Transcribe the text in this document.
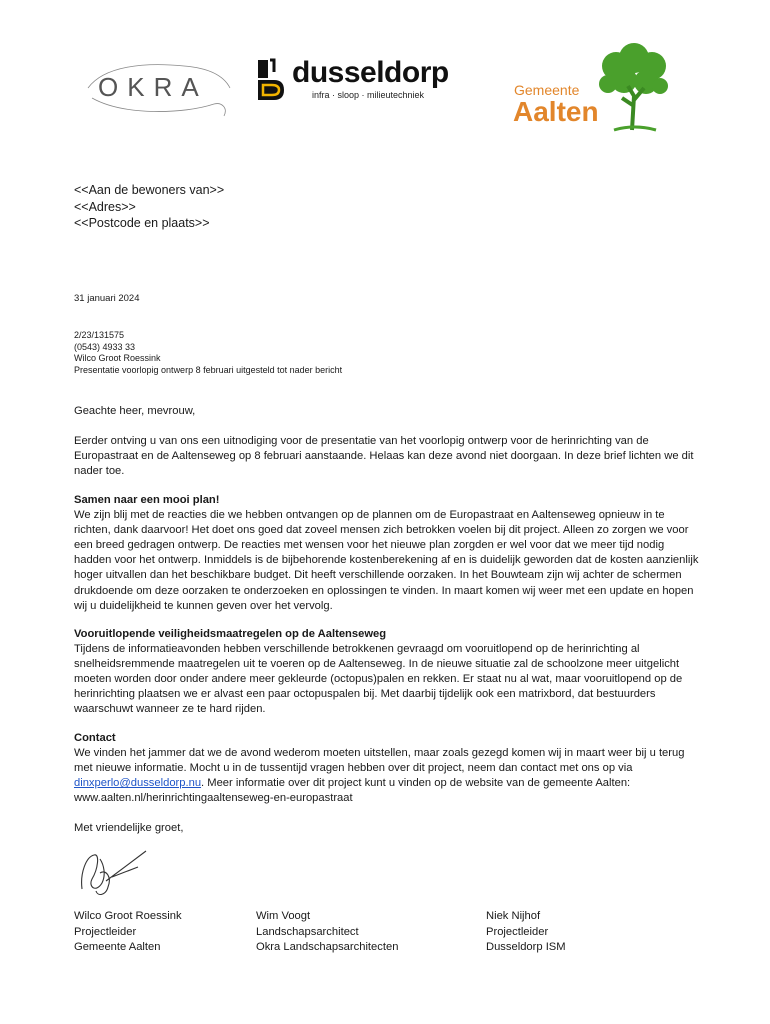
OKRA	dusseldorp
infra · sloop · milieutechniek	Gemeente
Aalten
<<Aan de bewoners van>>
<<Adres>>
<<Postcode en plaats>>
31 januari 2024
2/23/131575
(0543) 4933 33
Wilco Groot Roessink
Presentatie voorlopig ontwerp 8 februari uitgesteld tot nader bericht
Geachte heer, mevrouw,

Eerder ontving u van ons een uitnodiging voor de presentatie van het voorlopig ontwerp voor de herinrichting van de Europastraat en de Aaltenseweg op 8 februari aanstaande. Helaas kan deze avond niet doorgaan. In deze brief lichten we dit nader toe.

Samen naar een mooi plan!

We zijn blij met de reacties die we hebben ontvangen op de plannen om de Europastraat en Aaltenseweg opnieuw in te richten, dank daarvoor! Het doet ons goed dat zoveel mensen zich betrokken voelen bij dit project. Alleen zo zorgen we voor een breed gedragen ontwerp. De reacties met wensen voor het nieuwe plan zorgden er wel voor dat we meer tijd nodig hadden voor het ontwerp. Inmiddels is de bijbehorende kostenberekening af en is duidelijk geworden dat de kosten aanzienlijk hoger uitvallen dan het beschikbare budget. Dit heeft verschillende oorzaken. In het Bouwteam zijn wij achter de schermen drukdoende om deze oorzaken te onderzoeken en oplossingen te vinden. In maart komen wij weer met een update en hopen wij u duidelijkheid te kunnen geven over het vervolg.

Vooruitlopende veiligheidsmaatregelen op de Aaltenseweg

Tijdens de informatieavonden hebben verschillende betrokkenen gevraagd om vooruitlopend op de herinrichting al snelheidsremmende maatregelen uit te voeren op de Aaltenseweg. In de nieuwe situatie zal de schoolzone meer uitgelicht moeten worden door onder andere meer gekleurde (octopus)palen en rekken. Er staat nu al wat, maar vooruitlopend op de herinrichting plaatsen we er alvast een paar octopuspalen bij. Met daarbij tijdelijk ook een matrixbord, dat bestuurders waarschuwt wanneer ze te hard rijden.

Contact

We vinden het jammer dat we de avond wederom moeten uitstellen, maar zoals gezegd komen wij in maart weer bij u terug met nieuwe informatie. Mocht u in de tussentijd vragen hebben over dit project, neem dan contact met ons op via dinxperlo@dusseldorp.nu. Meer informatie over dit project kunt u vinden op de website van de gemeente Aalten: www.aalten.nl/herinrichtingaaltenseweg-en-europastraat

Met vriendelijke groet,
Wilco Groot Roessink
Projectleider
Gemeente Aalten
Wim Voogt
Landschapsarchitect
Okra Landschapsarchitecten
Niek Nijhof
Projectleider
Dusseldorp ISM
